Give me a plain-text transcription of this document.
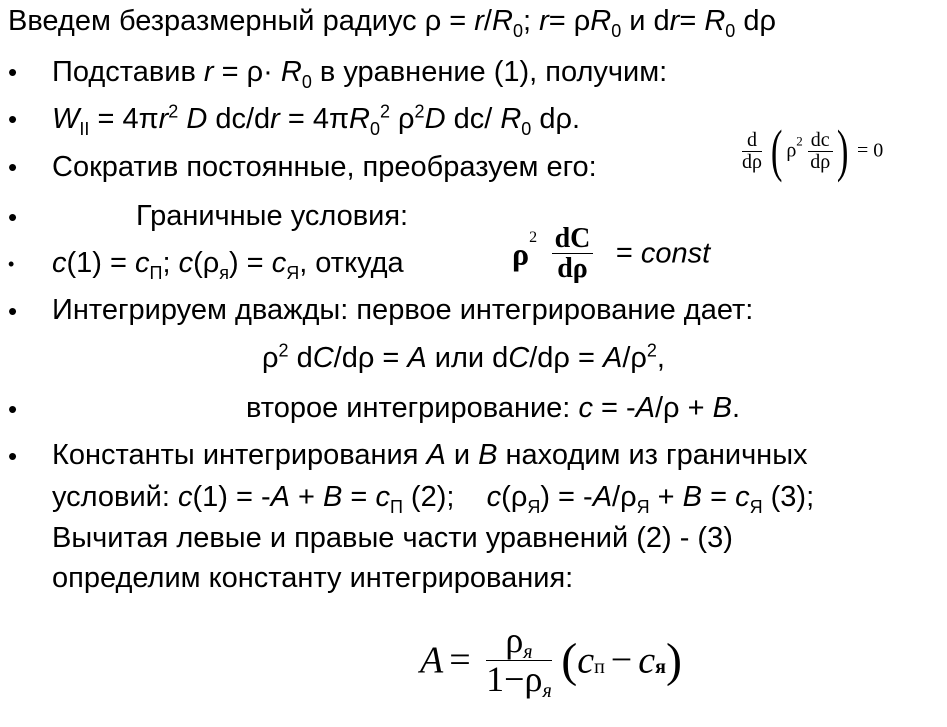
Введем безразмерный радиус $\rho = r/R_0$; $r= \rho R_0$ и $dr= R_0$ dρ
• Подставив $r = \rho\cdot R_0$ в уравнение (1), получим:
• $W_{II} = 4\pi r^2$ D $dc/dr = 4\pi R_0^2$ $\rho^2D$ dc/ $R_0$ dρ.
• Сократив постоянные, преобразуем его:	$\frac{d}{d\rho}$ ( $\rho^2 \frac{dc}{d\rho}$ ) = 0
•	Граничные условия:
• $c(1) = c_П$; $c(\rho_я) = c_Я$, откуда	$\rho^2 \frac{dC}{d\rho}$ = const
• Интегрируем дважды: первое интегрирование дает:
$\rho^2$ dC/dρ = A или $dC/d\rho = A/\rho^2$,
•	второе интегрирование: c = -A/ρ + B.
• Константы интегрирования A и B находим из граничных
условий: $c(1) = -A + B = c_П$ (2);    $c(\rho_Я) = -A/\rho_Я + B = c_Я$ (3);
Вычитая левые и правые части уравнений (2) - (3)
определим константу интегрирования:
$A = \frac{\rho_я}{1-\rho_я} (c_п - c_я)$
